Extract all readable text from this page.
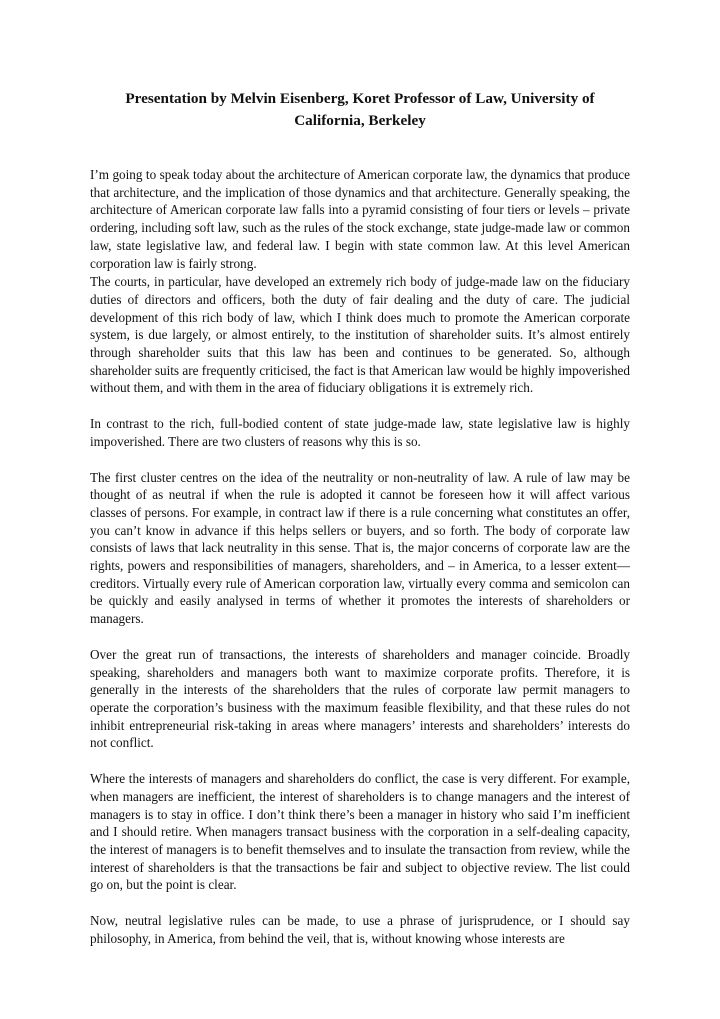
Presentation by Melvin Eisenberg, Koret Professor of Law, University of California, Berkeley

I’m going to speak today about the architecture of American corporate law, the dynamics that produce that architecture, and the implication of those dynamics and that architecture. Generally speaking, the architecture of American corporate law falls into a pyramid consisting of four tiers or levels – private ordering, including soft law, such as the rules of the stock exchange, state judge-made law or common law, state legislative law, and federal law. I begin with state common law. At this level American corporation law is fairly strong.

The courts, in particular, have developed an extremely rich body of judge-made law on the fiduciary duties of directors and officers, both the duty of fair dealing and the duty of care. The judicial development of this rich body of law, which I think does much to promote the American corporate system, is due largely, or almost entirely, to the institution of shareholder suits. It’s almost entirely through shareholder suits that this law has been and continues to be generated. So, although shareholder suits are frequently criticised, the fact is that American law would be highly impoverished without them, and with them in the area of fiduciary obligations it is extremely rich.

In contrast to the rich, full-bodied content of state judge-made law, state legislative law is highly impoverished. There are two clusters of reasons why this is so.

The first cluster centres on the idea of the neutrality or non-neutrality of law. A rule of law may be thought of as neutral if when the rule is adopted it cannot be foreseen how it will affect various classes of persons. For example, in contract law if there is a rule concerning what constitutes an offer, you can’t know in advance if this helps sellers or buyers, and so forth. The body of corporate law consists of laws that lack neutrality in this sense. That is, the major concerns of corporate law are the rights, powers and responsibilities of managers, shareholders, and – in America, to a lesser extent—creditors. Virtually every rule of American corporation law, virtually every comma and semicolon can be quickly and easily analysed in terms of whether it promotes the interests of shareholders or managers.

Over the great run of transactions, the interests of shareholders and manager coincide. Broadly speaking, shareholders and managers both want to maximize corporate profits. Therefore, it is generally in the interests of the shareholders that the rules of corporate law permit managers to operate the corporation’s business with the maximum feasible flexibility, and that these rules do not inhibit entrepreneurial risk-taking in areas where managers’ interests and shareholders’ interests do not conflict.

Where the interests of managers and shareholders do conflict, the case is very different. For example, when managers are inefficient, the interest of shareholders is to change managers and the interest of managers is to stay in office. I don’t think there’s been a manager in history who said I’m inefficient and I should retire. When managers transact business with the corporation in a self-dealing capacity, the interest of managers is to benefit themselves and to insulate the transaction from review, while the interest of shareholders is that the transactions be fair and subject to objective review. The list could go on, but the point is clear.

Now, neutral legislative rules can be made, to use a phrase of jurisprudence, or I should say philosophy, in America, from behind the veil, that is, without knowing whose interests are
